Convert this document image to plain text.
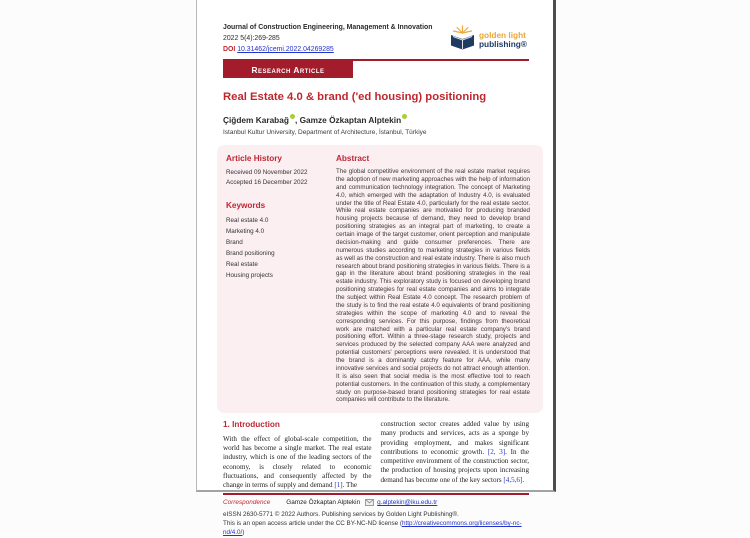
Journal of Construction Engineering, Management & Innovation
2022 5(4):269-285
DOI 10.31462/jcemi.2022.04269285
golden light
publishing®
Research Article
Real Estate 4.0 & brand ('ed housing) positioning
Çiğdem Karabağ , Gamze Özkaptan Alptekin
Istanbul Kultur University, Department of Architecture, İstanbul, Türkiye
Article History
Received 09 November 2022
Accepted 16 December 2022
Keywords
Real estate 4.0
Marketing 4.0
Brand
Brand positioning
Real estate
Housing projects
Abstract
The global competitive environment of the real estate market requires the adoption of new marketing approaches with the help of information and communication technology integration. The concept of Marketing 4.0, which emerged with the adaptation of Industry 4.0, is evaluated under the title of Real Estate 4.0, particularly for the real estate sector. While real estate companies are motivated for producing branded housing projects because of demand, they need to develop brand positioning strategies as an integral part of marketing, to create a certain image of the target customer, orient perception and manipulate decision-making and guide consumer preferences. There are numerous studies according to marketing strategies in various fields as well as the construction and real estate industry. There is also much research about brand positioning strategies in various fields. There is a gap in the literature about brand positioning strategies in the real estate industry. This exploratory study is focused on developing brand positioning strategies for real estate companies and aims to integrate the subject within Real Estate 4.0 concept. The research problem of the study is to find the real estate 4.0 equivalents of brand positioning strategies within the scope of marketing 4.0 and to reveal the corresponding services. For this purpose, findings from theoretical work are matched with a particular real estate company's brand positioning effort. Within a three-stage research study, projects and services produced by the selected company AAA were analyzed and potential customers' perceptions were revealed. It is understood that the brand is a dominantly catchy feature for AAA, while many innovative services and social projects do not attract enough attention. It is also seen that social media is the most effective tool to reach potential customers. In the continuation of this study, a complementary study on purpose-based brand positioning strategies for real estate companies will contribute to the literature.
1. Introduction
With the effect of global-scale competition, the world has become a single market. The real estate industry, which is one of the leading sectors of the economy, is closely related to economic fluctuations, and consequently affected by the change in terms of supply and demand [1]. The
construction sector creates added value by using many products and services, acts as a sponge by providing employment, and makes significant contributions to economic growth. [2, 3]. In the competitive environment of the construction sector, the production of housing projects upon increasing demand has become one of the key sectors [4,5,6].
Correspondence	Gamze Özkaptan Alptekin	g.alptekin@iku.edu.tr
eISSN 2630-5771 © 2022 Authors. Publishing services by Golden Light Publishing®.
This is an open access article under the CC BY-NC-ND license (http://creativecommons.org/licenses/by-nc-nd/4.0/)
